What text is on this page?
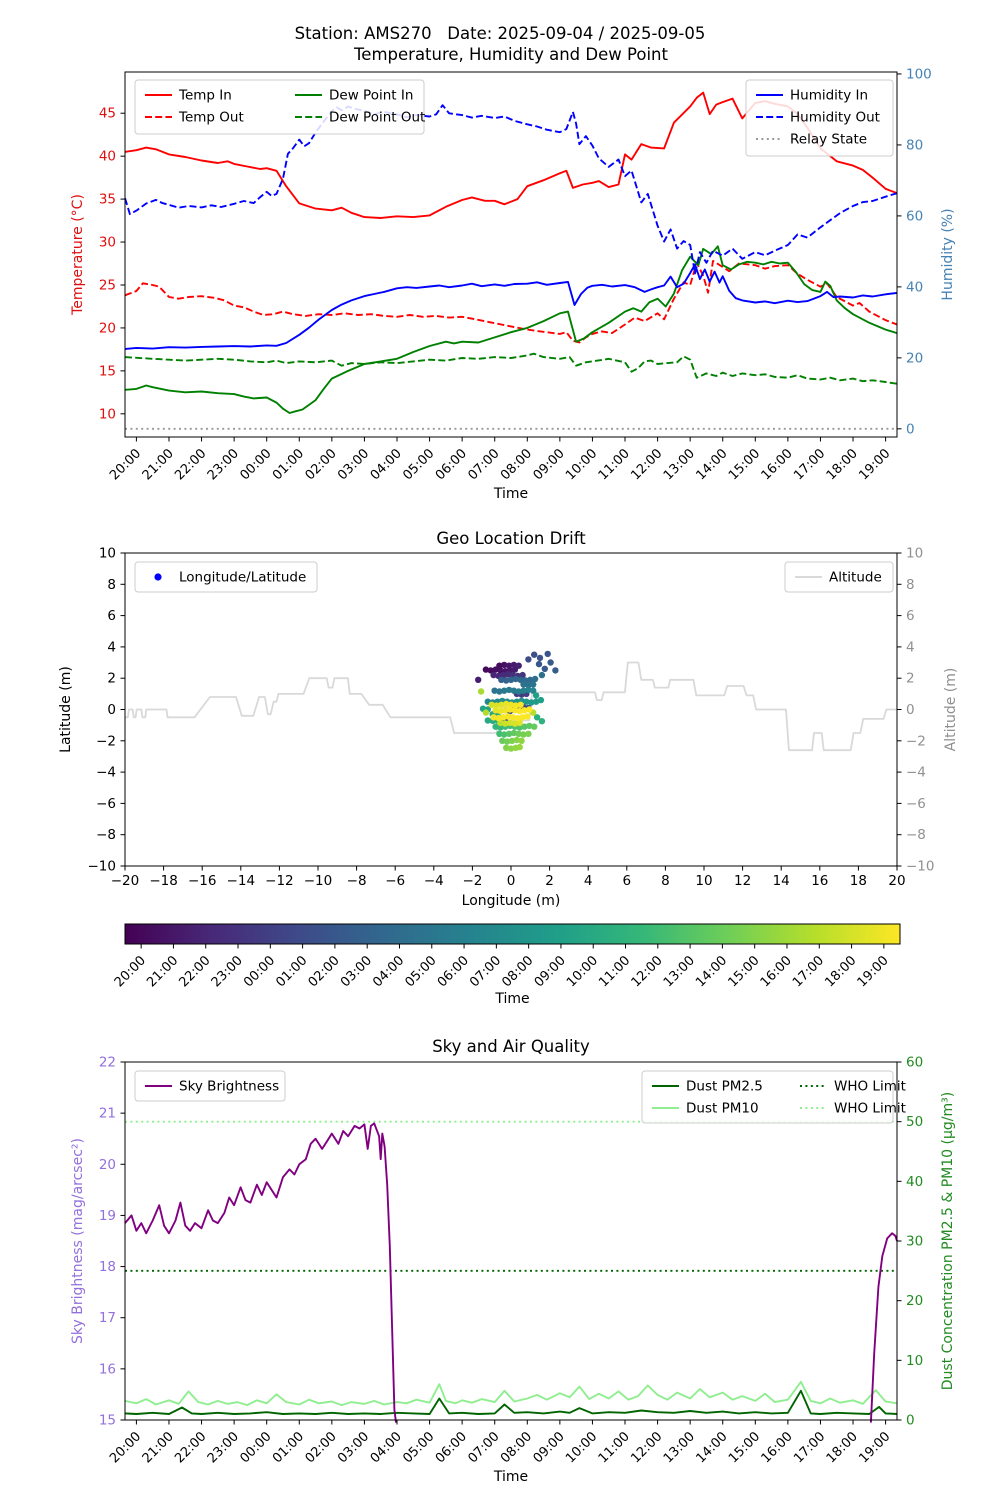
Station: AMS270   Date: 2025-09-04 / 2025-09-05
Temperature, Humidity and Dew Point
10
15
20
25
30
35
40
45
0
20
40
60
80
100
20:00
21:00
22:00
23:00
00:00
01:00
02:00
03:00
04:00
05:00
06:00
07:00
08:00
09:00
10:00
11:00
12:00
13:00
14:00
15:00
16:00
17:00
18:00
19:00
Time
Temperature (°C)	Humidity (%)
Temp In
Temp Out
Dew Point In
Dew Point Out
Humidity In
Humidity Out
Relay State
Sky and Air Quality
15
16
17
18
19
20
21
22
0
10
20
30
40
50
60
20:00
21:00
22:00
23:00
00:00
01:00
02:00
03:00
04:00
05:00
06:00
07:00
08:00
09:00
10:00
11:00
12:00
13:00
14:00
15:00
16:00
17:00
18:00
19:00
Time
Sky Brightness (mag/arcsec²)	Dust Concentration PM2.5 & PM10 (µg/m³)
Sky Brightness	Dust PM2.5
Dust PM10
WHO Limit
WHO Limit
Geo Location Drift
−20 −18 −16 −14 −12 −10 −8 −6 −4 −2 0 2 4 6 8 10 12 14 16 18 20
−10	−10
−8	−8
−6	−6
−4	−4
−2	−2
0	0
2	2
4	4
6	6
8	8
10	10
Longitude (m)
Latitude (m)	Altitude (m)
Longitude/Latitude	Altitude
20:00
21:00
22:00
23:00
00:00
01:00
02:00
03:00
04:00
05:00
06:00
07:00
08:00
09:00
10:00
11:00
12:00
13:00
14:00
15:00
16:00
17:00
18:00
19:00
Time
